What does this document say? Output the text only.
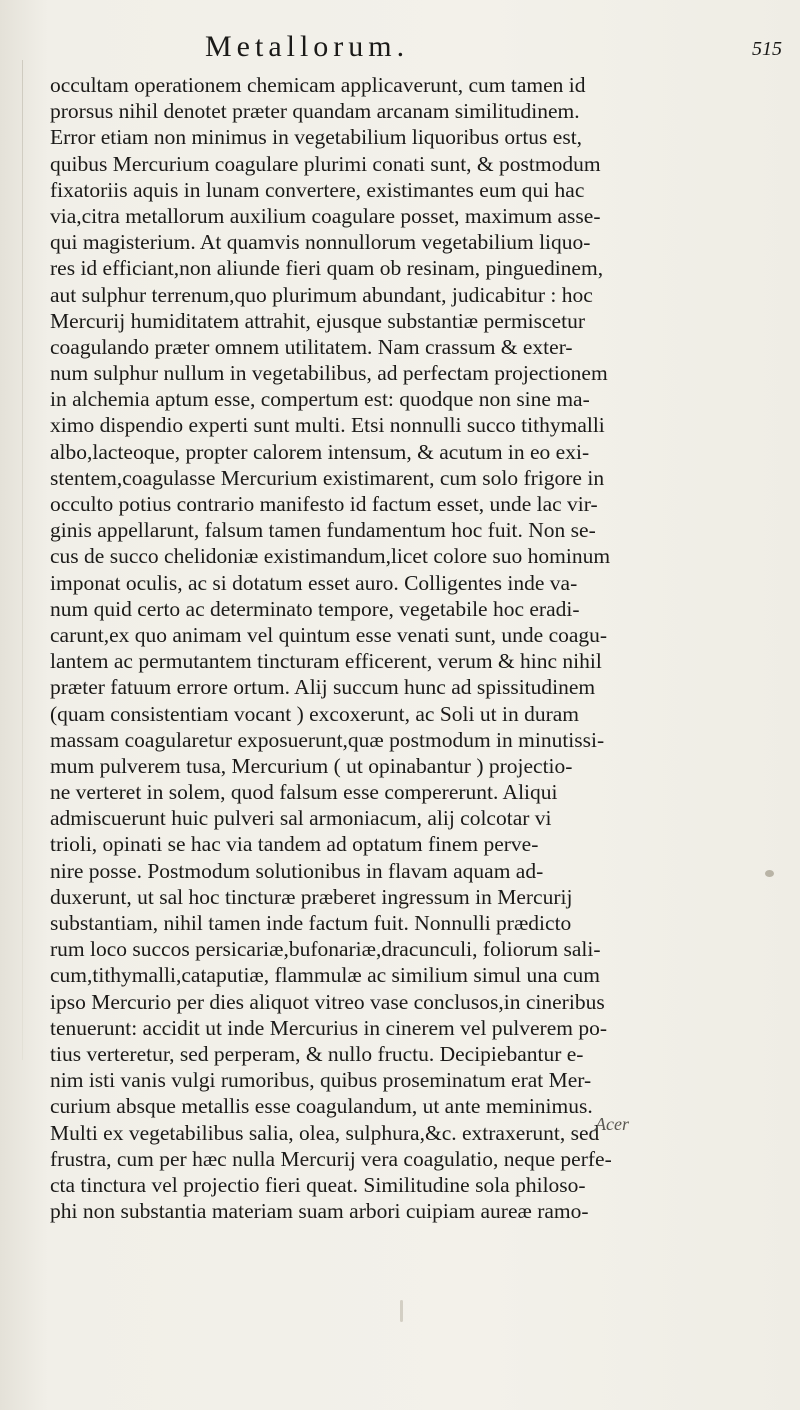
Metallorum.	515
occultam operationem chemicam applicaverunt, cum tamen id
prorsus nihil denotet præter quandam arcanam similitudinem.
Error etiam non minimus in vegetabilium liquoribus ortus est,
quibus Mercurium coagulare plurimi conati sunt, & postmodum
fixatoriis aquis in lunam convertere, existimantes eum qui hac
via,citra metallorum auxilium coagulare posset, maximum asse-
qui magisterium. At quamvis nonnullorum vegetabilium liquo-
res id efficiant,non aliunde fieri quam ob resinam, pinguedinem,
aut sulphur terrenum,quo plurimum abundant, judicabitur : hoc
Mercurij humiditatem attrahit, ejusque substantiæ permiscetur
coagulando præter omnem utilitatem. Nam crassum & exter-
num sulphur nullum in vegetabilibus, ad perfectam projectionem
in alchemia aptum esse, compertum est: quodque non sine ma-
ximo dispendio experti sunt multi. Etsi nonnulli succo tithymalli
albo,lacteoque, propter calorem intensum, & acutum in eo exi-
stentem,coagulasse Mercurium existimarent, cum solo frigore in
occulto potius contrario manifesto id factum esset, unde lac vir-
ginis appellarunt, falsum tamen fundamentum hoc fuit. Non se-
cus de succo chelidoniæ existimandum,licet colore suo hominum
imponat oculis, ac si dotatum esset auro. Colligentes inde va-
num quid certo ac determinato tempore, vegetabile hoc eradi-
carunt,ex quo animam vel quintum esse venati sunt, unde coagu-
lantem ac permutantem tincturam efficerent, verum & hinc nihil
præter fatuum errore ortum. Alij succum hunc ad spissitudinem
(quam consistentiam vocant ) excoxerunt, ac Soli ut in duram
massam coagularetur exposuerunt,quæ postmodum in minutissi-
mum pulverem tusa, Mercurium ( ut opinabantur ) projectio-
ne verteret in solem, quod falsum esse compererunt. Aliqui
admiscuerunt huic pulveri sal armoniacum, alij colcotar vi
trioli, opinati se hac via tandem ad optatum finem perve-
nire posse. Postmodum solutionibus in flavam aquam ad-
duxerunt, ut sal hoc tincturæ præberet ingressum in Mercurij
substantiam, nihil tamen inde factum fuit. Nonnulli prædicto
rum loco succos persicariæ,bufonariæ,dracunculi, foliorum sali-
cum,tithymalli,cataputiæ, flammulæ ac similium simul una cum
ipso Mercurio per dies aliquot vitreo vase conclusos,in cineribus
tenuerunt: accidit ut inde Mercurius in cinerem vel pulverem po-
tius verteretur, sed perperam, & nullo fructu. Decipiebantur e-
nim isti vanis vulgi rumoribus, quibus proseminatum erat Mer-
curium absque metallis esse coagulandum, ut ante meminimus.
Multi ex vegetabilibus salia, olea, sulphura,&c. extraxerunt, sed
frustra, cum per hæc nulla Mercurij vera coagulatio, neque perfe-
cta tinctura vel projectio fieri queat. Similitudine sola philoso-
phi non substantia materiam suam arbori cuipiam aureæ ramo-
Acer
